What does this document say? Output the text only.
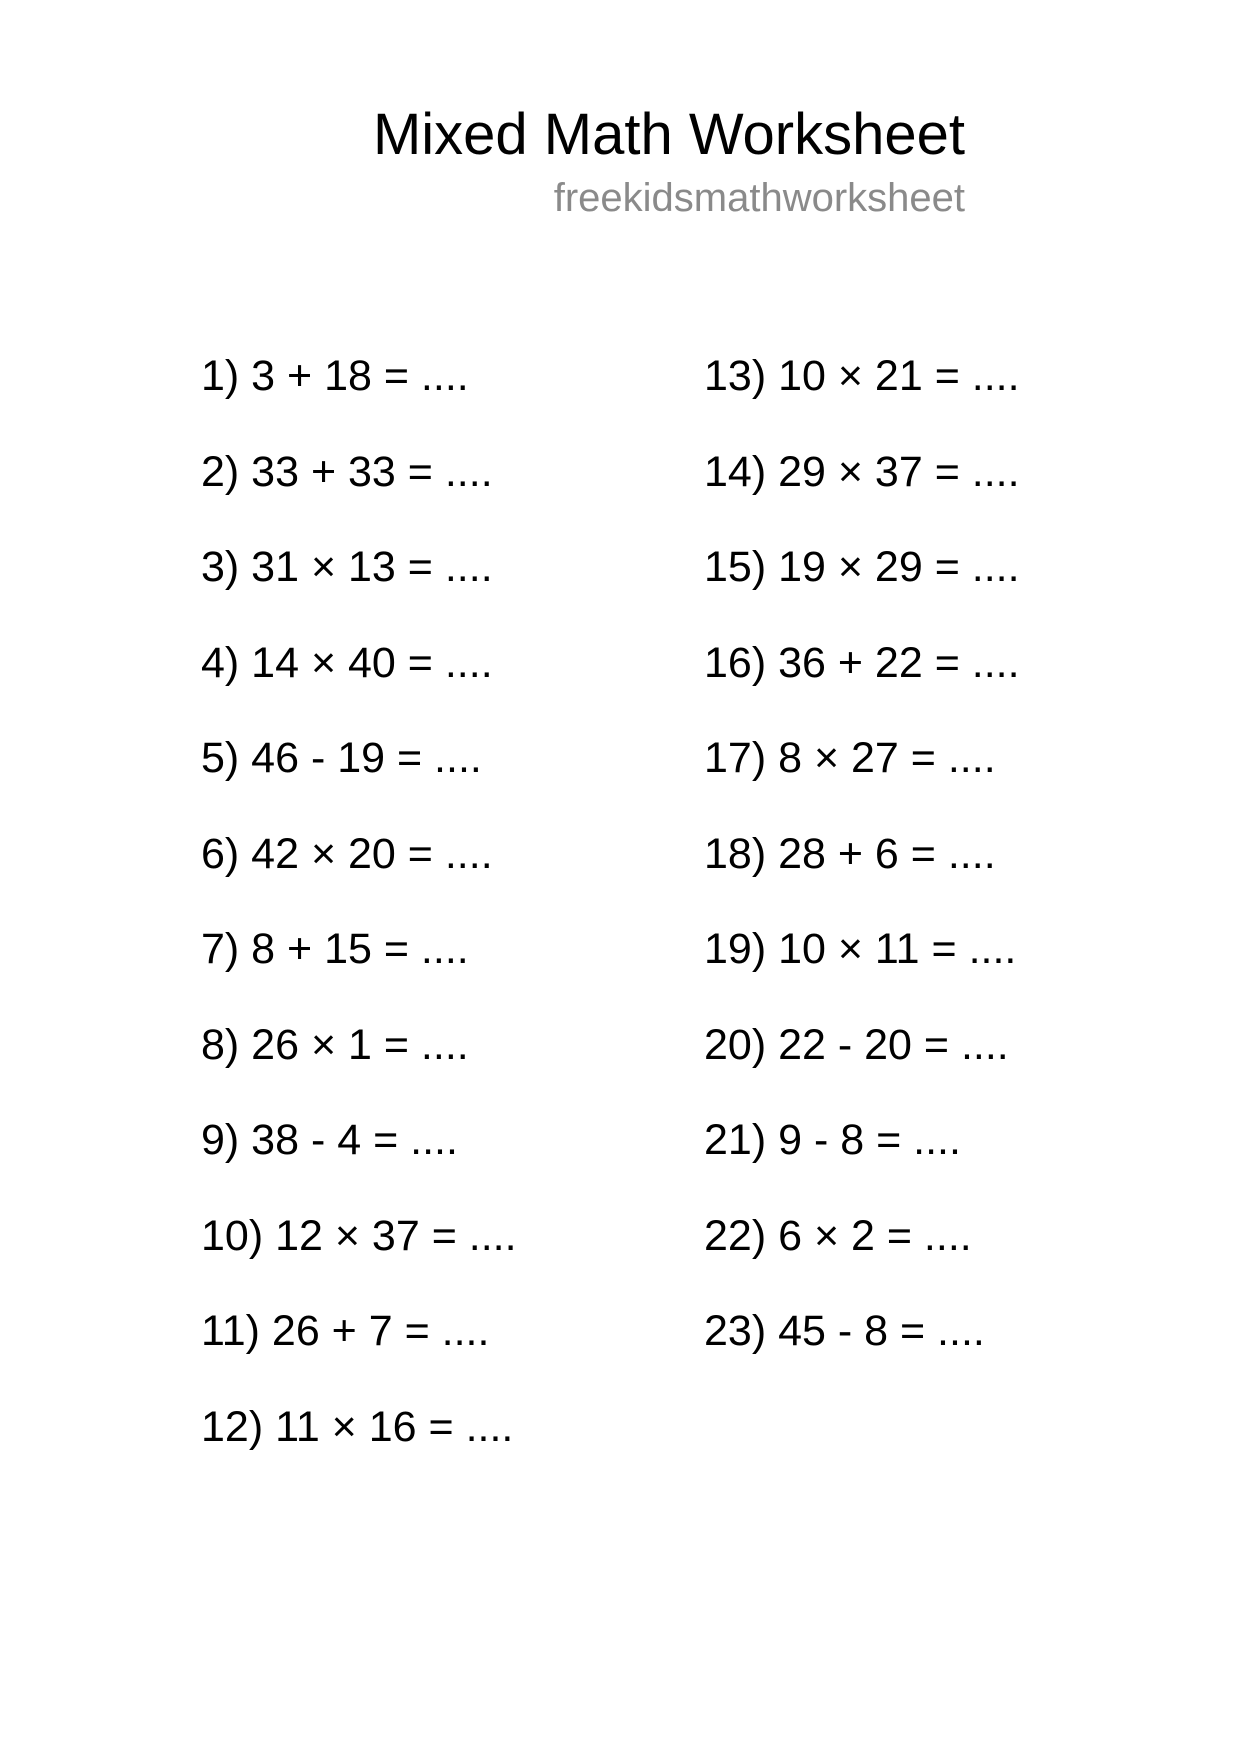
Mixed Math Worksheet
freekidsmathworksheet
1) 3 + 18 = ....
2) 33 + 33 = ....
3) 31 × 13 = ....
4) 14 × 40 = ....
5) 46 - 19 = ....
6) 42 × 20 = ....
7) 8 + 15 = ....
8) 26 × 1 = ....
9) 38 - 4 = ....
10) 12 × 37 = ....
11) 26 + 7 = ....
12) 11 × 16 = ....
13) 10 × 21 = ....
14) 29 × 37 = ....
15) 19 × 29 = ....
16) 36 + 22 = ....
17) 8 × 27 = ....
18) 28 + 6 = ....
19) 10 × 11 = ....
20) 22 - 20 = ....
21) 9 - 8 = ....
22) 6 × 2 = ....
23) 45 - 8 = ....
